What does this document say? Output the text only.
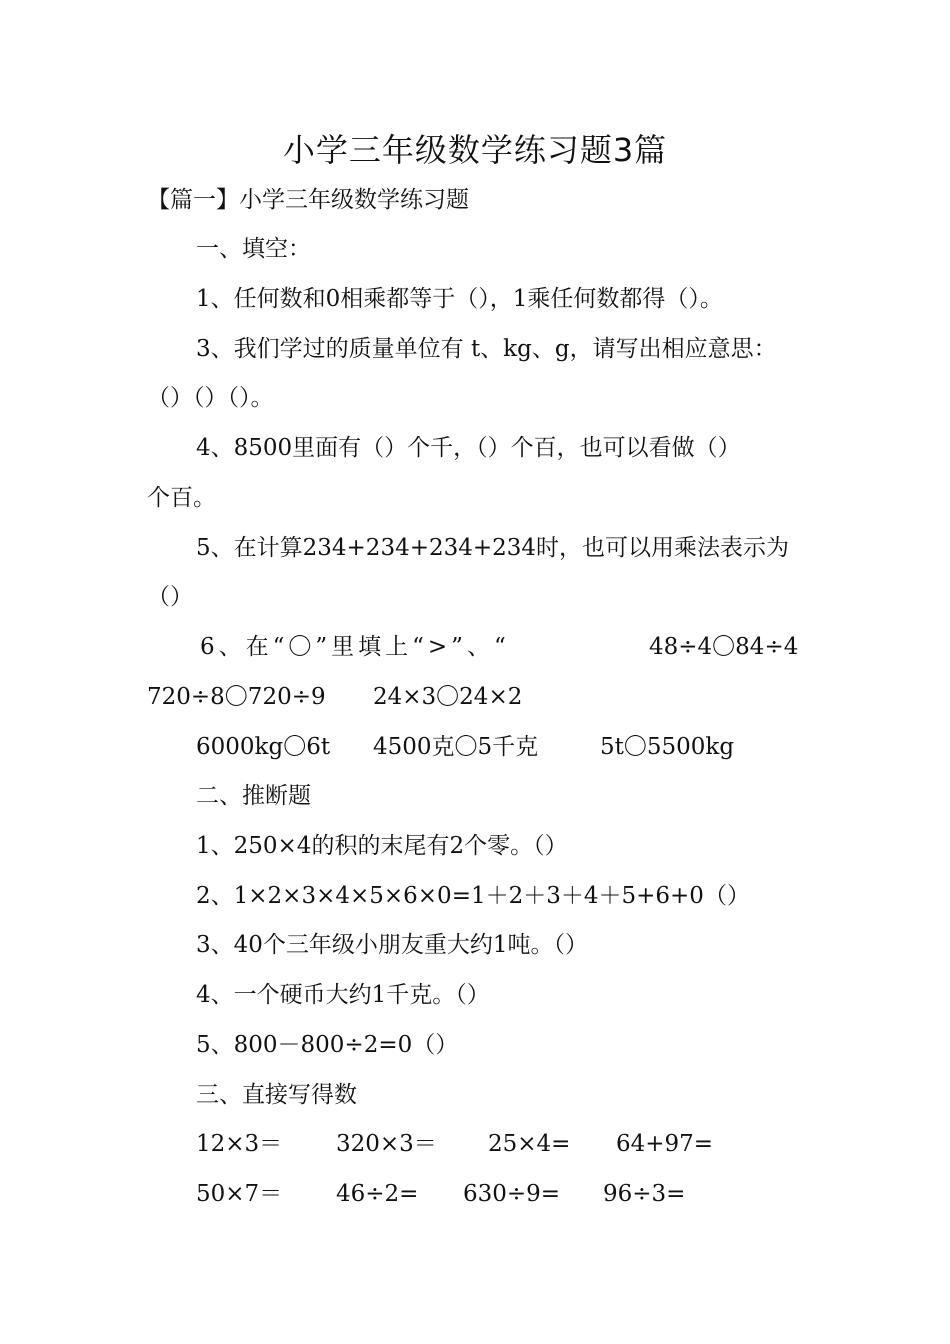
小学三年级数学练习题3篇
【篇一】小学三年级数学练习题
一、填空：
1、任何数和0相乘都等于（），1乘任何数都得（）。
3、我们学过的质量单位有 t、kg、g，请写出相应意思：
（）（）（）。
4、8500里面有（）个千，（）个百，也可以看做（）
个百。
5、在计算234+234+234+234时，也可以用乘法表示为
（）
6、在“〇”里填上“>”、“	48÷4〇84÷4
720÷8〇720÷9 24×3〇24×2
6000kg〇6t 4500克〇5千克	5t〇5500kg
二、推断题
1、250×4的积的末尾有2个零。（）
2、1×2×3×4×5×6×0=1＋2＋3＋4＋5+6+0（）
3、40个三年级小朋友重大约1吨。（）
4、一个硬币大约1千克。（）
5、800－800÷2=0（）
三、直接写得数
12×3＝ 320×3＝ 25×4= 64+97=
50×7＝ 46÷2= 630÷9= 96÷3=
